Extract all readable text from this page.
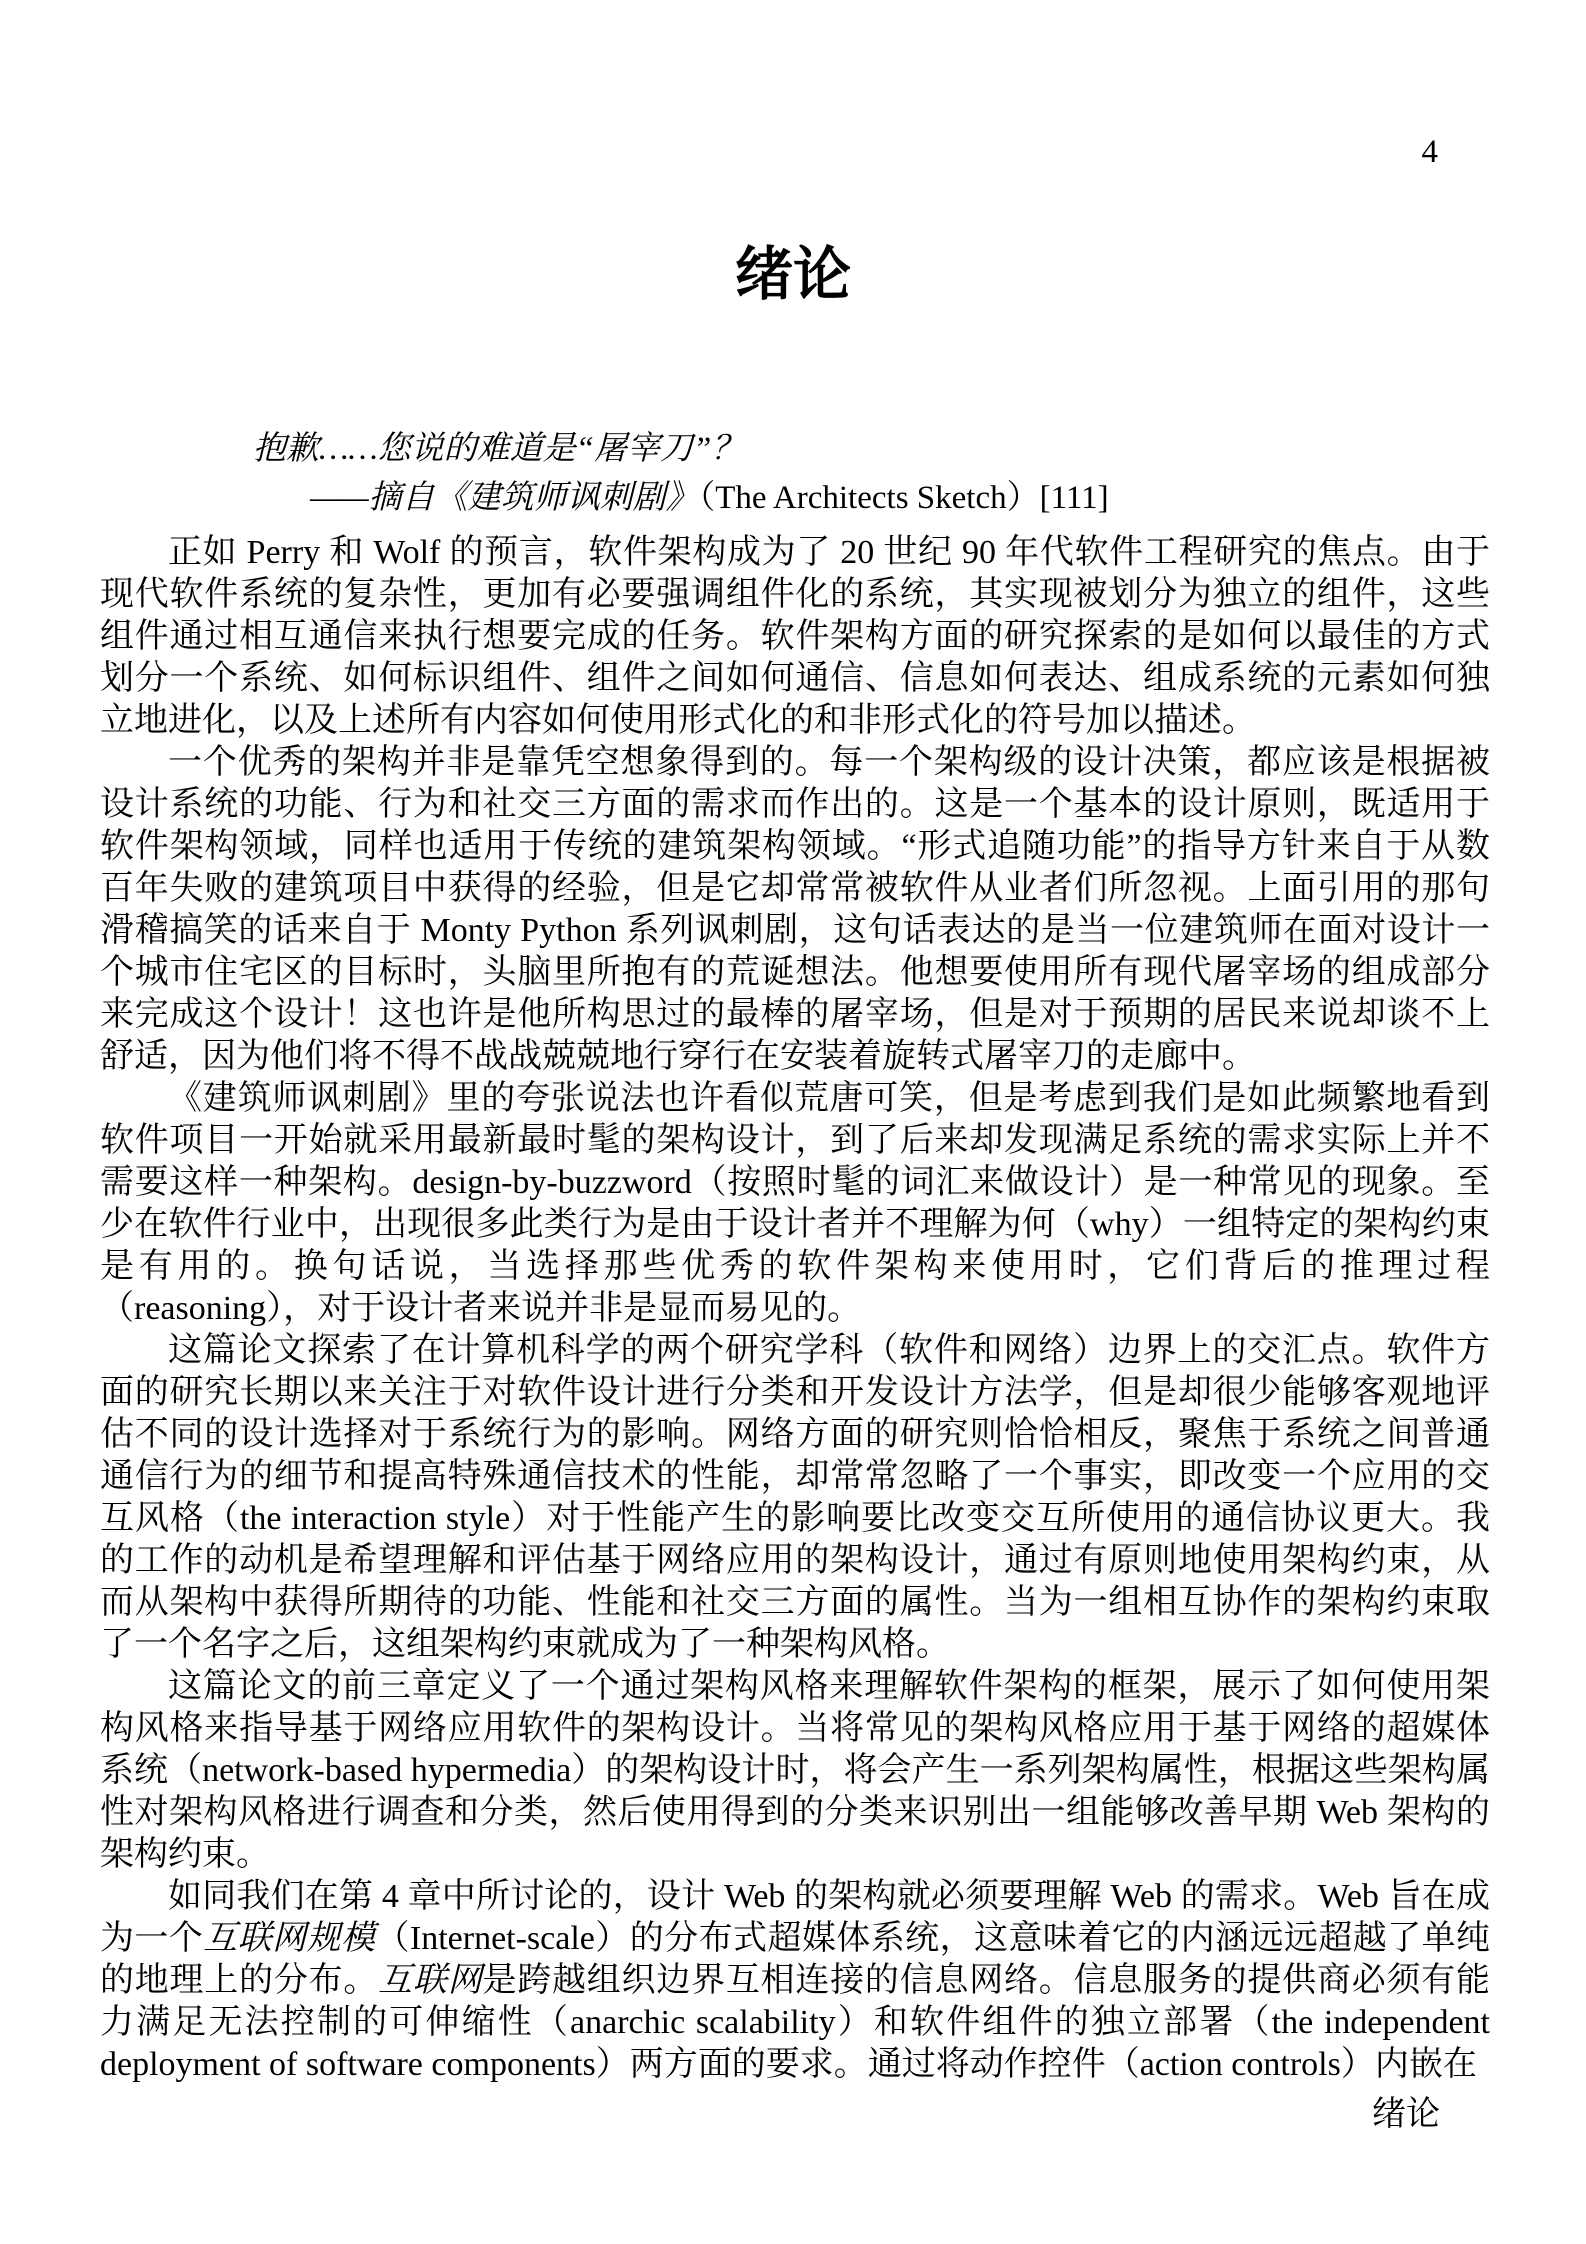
4
绪论
抱歉……您说的难道是“屠宰刀”？
——摘自《建筑师讽刺剧》（The Architects Sketch）[111]

正如 Perry 和 Wolf 的预言，软件架构成为了 20 世纪 90 年代软件工程研究的焦点。由于现代软件系统的复杂性，更加有必要强调组件化的系统，其实现被划分为独立的组件，这些组件通过相互通信来执行想要完成的任务。软件架构方面的研究探索的是如何以最佳的方式划分一个系统、如何标识组件、组件之间如何通信、信息如何表达、组成系统的元素如何独立地进化，以及上述所有内容如何使用形式化的和非形式化的符号加以描述。

一个优秀的架构并非是靠凭空想象得到的。每一个架构级的设计决策，都应该是根据被设计系统的功能、行为和社交三方面的需求而作出的。这是一个基本的设计原则，既适用于软件架构领域，同样也适用于传统的建筑架构领域。“形式追随功能”的指导方针来自于从数百年失败的建筑项目中获得的经验，但是它却常常被软件从业者们所忽视。上面引用的那句滑稽搞笑的话来自于 Monty Python 系列讽刺剧，这句话表达的是当一位建筑师在面对设计一个城市住宅区的目标时，头脑里所抱有的荒诞想法。他想要使用所有现代屠宰场的组成部分来完成这个设计！这也许是他所构思过的最棒的屠宰场，但是对于预期的居民来说却谈不上舒适，因为他们将不得不战战兢兢地行穿行在安装着旋转式屠宰刀的走廊中。

《建筑师讽刺剧》里的夸张说法也许看似荒唐可笑，但是考虑到我们是如此频繁地看到软件项目一开始就采用最新最时髦的架构设计，到了后来却发现满足系统的需求实际上并不需要这样一种架构。design-by-buzzword（按照时髦的词汇来做设计）是一种常见的现象。至少在软件行业中，出现很多此类行为是由于设计者并不理解为何（why）一组特定的架构约束是有用的。换句话说，当选择那些优秀的软件架构来使用时，它们背后的推理过程（reasoning），对于设计者来说并非是显而易见的。

这篇论文探索了在计算机科学的两个研究学科（软件和网络）边界上的交汇点。软件方面的研究长期以来关注于对软件设计进行分类和开发设计方法学，但是却很少能够客观地评估不同的设计选择对于系统行为的影响。网络方面的研究则恰恰相反，聚焦于系统之间普通通信行为的细节和提高特殊通信技术的性能，却常常忽略了一个事实，即改变一个应用的交互风格（the interaction style）对于性能产生的影响要比改变交互所使用的通信协议更大。我的工作的动机是希望理解和评估基于网络应用的架构设计，通过有原则地使用架构约束，从而从架构中获得所期待的功能、性能和社交三方面的属性。当为一组相互协作的架构约束取了一个名字之后，这组架构约束就成为了一种架构风格。

这篇论文的前三章定义了一个通过架构风格来理解软件架构的框架，展示了如何使用架构风格来指导基于网络应用软件的架构设计。当将常见的架构风格应用于基于网络的超媒体系统（network-based hypermedia）的架构设计时，将会产生一系列架构属性，根据这些架构属性对架构风格进行调查和分类，然后使用得到的分类来识别出一组能够改善早期 Web 架构的架构约束。

如同我们在第 4 章中所讨论的，设计 Web 的架构就必须要理解 Web 的需求。Web 旨在成为一个互联网规模（Internet-scale）的分布式超媒体系统，这意味着它的内涵远远超越了单纯的地理上的分布。互联网是跨越组织边界互相连接的信息网络。信息服务的提供商必须有能力满足无法控制的可伸缩性（anarchic scalability）和软件组件的独立部署（the independent deployment of software components）两方面的要求。通过将动作控件（action controls）内嵌在

绪论
